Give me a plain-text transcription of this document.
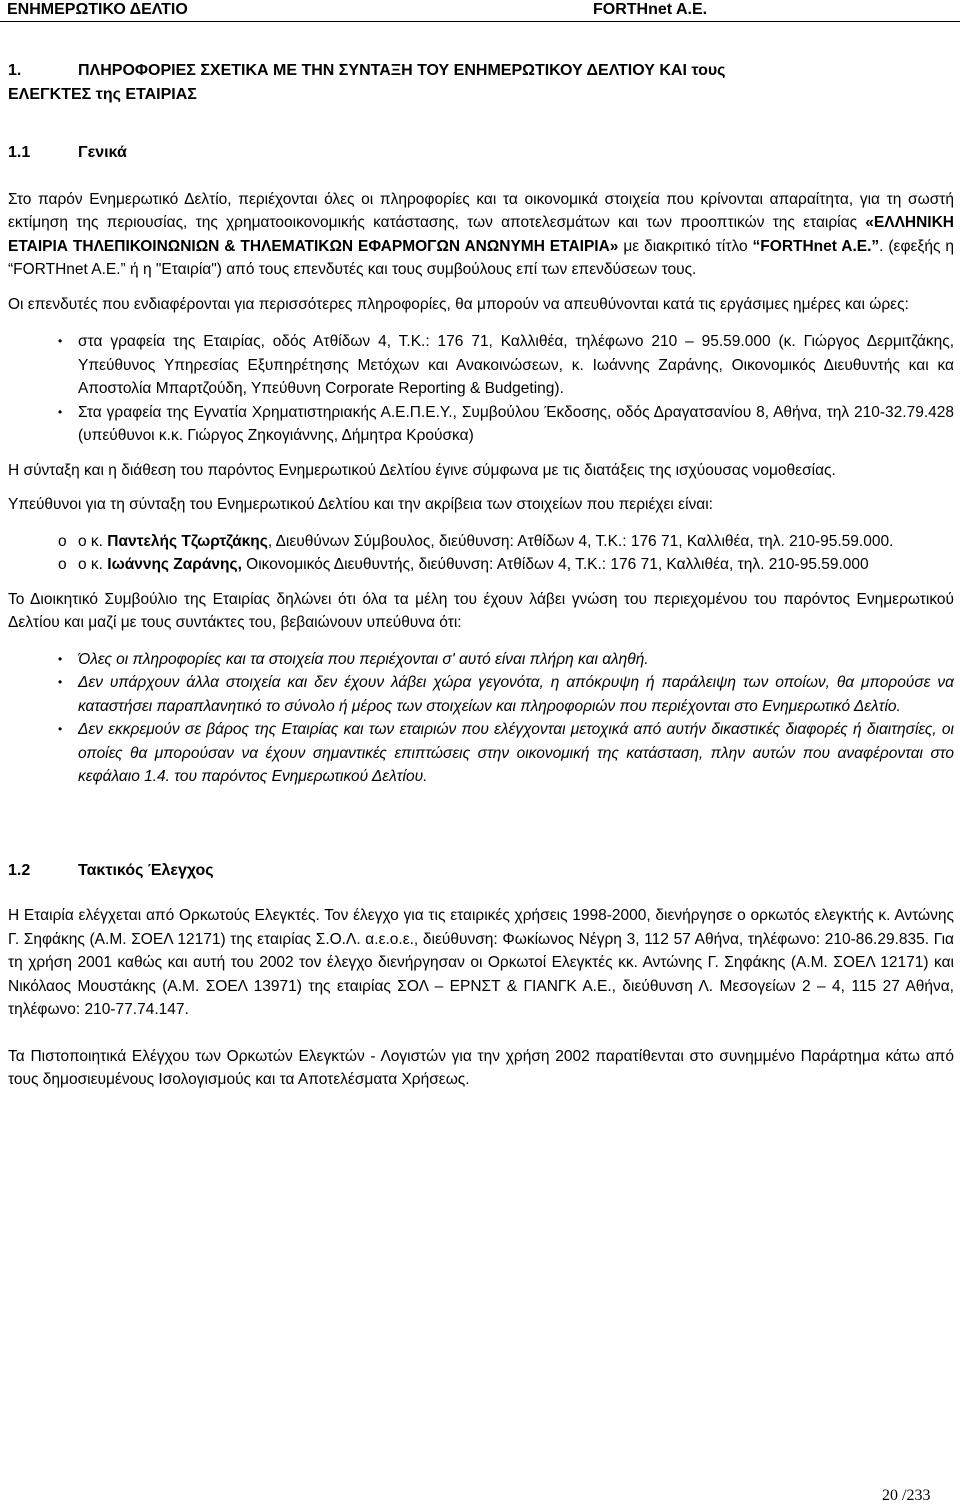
ΕΝΗΜΕΡΩΤΙΚΟ ΔΕΛΤΙΟ	FORTHnet A.E.
1.	ΠΛΗΡΟΦΟΡΙΕΣ ΣΧΕΤΙΚΑ ΜΕ ΤΗΝ ΣΥΝΤΑΞΗ ΤΟΥ ΕΝΗΜΕΡΩΤΙΚΟΥ ΔΕΛΤΙΟΥ ΚΑΙ τους
ΕΛΕΓΚΤΕΣ της ΕΤΑΙΡΙΑΣ
1.1	Γενικά

Στο παρόν Ενημερωτικό Δελτίο, περιέχονται όλες οι πληροφορίες και τα οικονομικά στοιχεία που κρίνονται απαραίτητα, για τη σωστή εκτίμηση της περιουσίας, της χρηματοοικονομικής κατάστασης, των αποτελεσμάτων και των προοπτικών της εταιρίας «ΕΛΛΗΝΙΚΗ ΕΤΑΙΡΙΑ ΤΗΛΕΠΙΚΟΙΝΩΝΙΩΝ & ΤΗΛΕΜΑΤΙΚΩΝ ΕΦΑΡΜΟΓΩΝ ΑΝΩΝΥΜΗ ΕΤΑΙΡΙΑ» με διακριτικό τίτλο “FORTHnet A.E.”. (εφεξής η “FORTHnet A.E.” ή η "Εταιρία") από τους επενδυτές και τους συμβούλους επί των επενδύσεων τους.

Οι επενδυτές που ενδιαφέρονται για περισσότερες πληροφορίες, θα μπορούν να απευθύνονται κατά τις εργάσιμες ημέρες και ώρες:

• στα γραφεία της Εταιρίας, οδός Ατθίδων 4, Τ.Κ.: 176 71, Καλλιθέα, τηλέφωνο 210 – 95.59.000 (κ. Γιώργος Δερμιτζάκης, Υπεύθυνος Υπηρεσίας Εξυπηρέτησης Μετόχων και Ανακοινώσεων, κ. Ιωάννης Ζαράνης, Οικονομικός Διευθυντής και κα Αποστολία Μπαρτζούδη, Υπεύθυνη Corporate Reporting & Budgeting).
• Στα γραφεία της Εγνατία Χρηματιστηριακής Α.Ε.Π.Ε.Υ., Συμβούλου Έκδοσης, οδός Δραγατσανίου 8, Αθήνα, τηλ 210-32.79.428 (υπεύθυνοι κ.κ. Γιώργος Ζηκογιάννης, Δήμητρα Κρούσκα)

Η σύνταξη και η διάθεση του παρόντος Ενημερωτικού Δελτίου έγινε σύμφωνα με τις διατάξεις της ισχύουσας νομοθεσίας.

Υπεύθυνοι για τη σύνταξη του Ενημερωτικού Δελτίου και την ακρίβεια των στοιχείων που περιέχει είναι:

o ο κ. Παντελής Τζωρτζάκης, Διευθύνων Σύμβουλος, διεύθυνση: Ατθίδων 4, Τ.Κ.: 176 71, Καλλιθέα, τηλ. 210-95.59.000.
o ο κ. Ιωάννης Ζαράνης, Οικονομικός Διευθυντής, διεύθυνση: Ατθίδων 4, Τ.Κ.: 176 71, Καλλιθέα, τηλ. 210-95.59.000

Το Διοικητικό Συμβούλιο της Εταιρίας δηλώνει ότι όλα τα μέλη του έχουν λάβει γνώση του περιεχομένου του παρόντος Ενημερωτικού Δελτίου και μαζί με τους συντάκτες του, βεβαιώνουν υπεύθυνα ότι:

• Όλες οι πληροφορίες και τα στοιχεία που περιέχονται σ' αυτό είναι πλήρη και αληθή.
• Δεν υπάρχουν άλλα στοιχεία και δεν έχουν λάβει χώρα γεγονότα, η απόκρυψη ή παράλειψη των οποίων, θα μπορούσε να καταστήσει παραπλανητικό το σύνολο ή μέρος των στοιχείων και πληροφοριών που περιέχονται στο Ενημερωτικό Δελτίο.
• Δεν εκκρεμούν σε βάρος της Εταιρίας και των εταιριών που ελέγχονται μετοχικά από αυτήν δικαστικές διαφορές ή διαιτησίες, οι οποίες θα μπορούσαν να έχουν σημαντικές επιπτώσεις στην οικονομική της κατάσταση, πλην αυτών που αναφέρονται στο κεφάλαιο 1.4. του παρόντος Ενημερωτικού Δελτίου.
1.2	Τακτικός Έλεγχος

Η Εταιρία ελέγχεται από Ορκωτούς Ελεγκτές. Τον έλεγχο για τις εταιρικές χρήσεις 1998-2000, διενήργησε ο ορκωτός ελεγκτής κ. Αντώνης Γ. Σηφάκης (Α.Μ. ΣΟΕΛ 12171) της εταιρίας Σ.Ο.Λ. α.ε.ο.ε., διεύθυνση: Φωκίωνος Νέγρη 3, 112 57 Αθήνα, τηλέφωνο: 210-86.29.835. Για τη χρήση 2001 καθώς και αυτή του 2002 τον έλεγχο διενήργησαν οι Ορκωτοί Ελεγκτές κκ. Αντώνης Γ. Σηφάκης (Α.Μ. ΣΟΕΛ 12171) και Νικόλαος Μουστάκης (Α.Μ. ΣΟΕΛ 13971) της εταιρίας ΣΟΛ – ΕΡΝΣΤ & ΓΙΑΝΓΚ Α.Ε., διεύθυνση Λ. Μεσογείων 2 – 4, 115 27 Αθήνα, τηλέφωνο: 210-77.74.147.

Τα Πιστοποιητικά Ελέγχου των Ορκωτών Ελεγκτών - Λογιστών για την χρήση 2002 παρατίθενται στο συνημμένο Παράρτημα κάτω από τους δημοσιευμένους Ισολογισμούς και τα Αποτελέσματα Χρήσεως.

20 /233
